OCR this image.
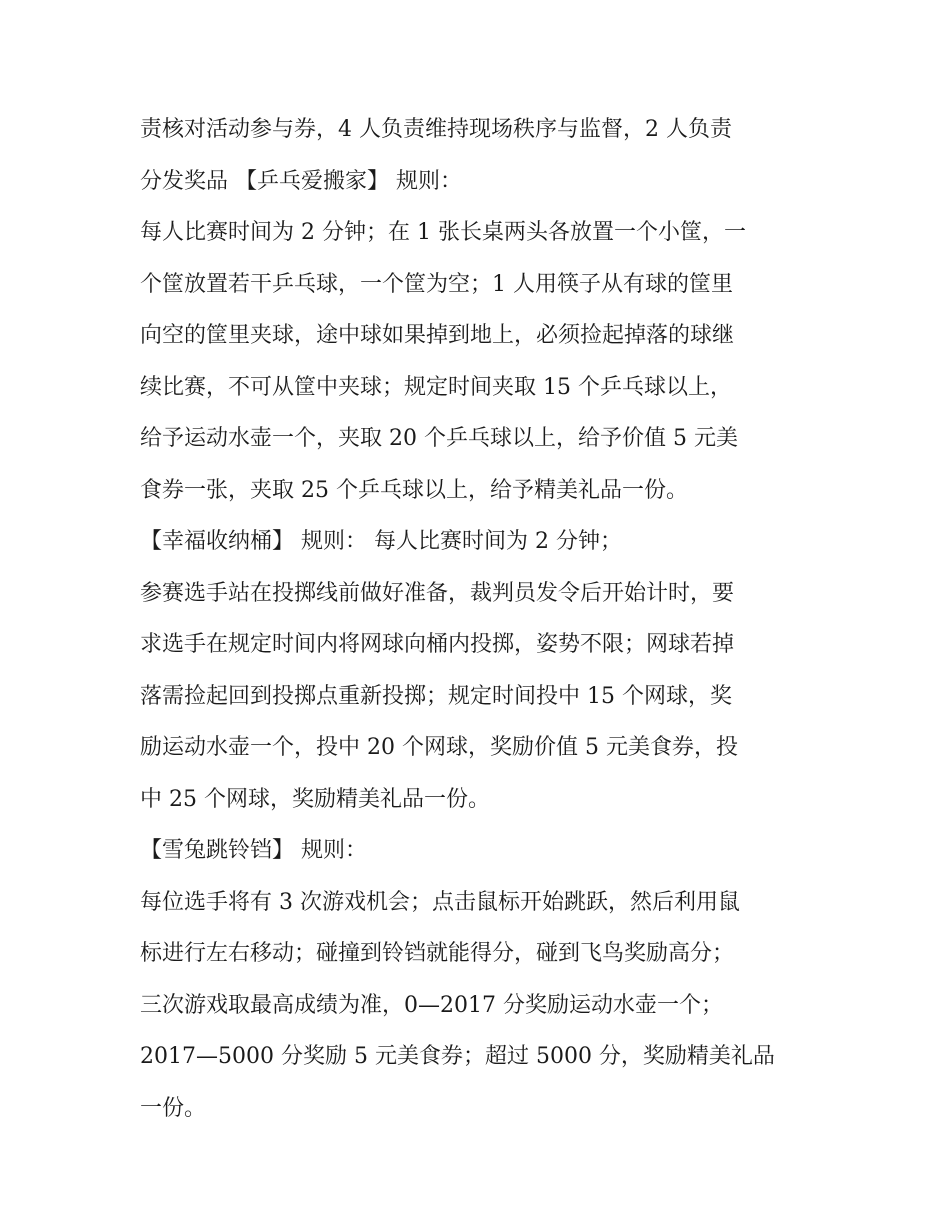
责核对活动参与券，4 人负责维持现场秩序与监督，2 人负责
分发奖品 【乒乓爱搬家】 规则：
每人比赛时间为 2 分钟；在 1 张长桌两头各放置一个小筐，一
个筐放置若干乒乓球，一个筐为空；1 人用筷子从有球的筐里
向空的筐里夹球，途中球如果掉到地上，必须捡起掉落的球继
续比赛，不可从筐中夹球；规定时间夹取 15 个乒乓球以上，
给予运动水壶一个，夹取 20 个乒乓球以上，给予价值 5 元美
食券一张，夹取 25 个乒乓球以上，给予精美礼品一份。
【幸福收纳桶】 规则： 每人比赛时间为 2 分钟；
参赛选手站在投掷线前做好准备，裁判员发令后开始计时，要
求选手在规定时间内将网球向桶内投掷，姿势不限；网球若掉
落需捡起回到投掷点重新投掷；规定时间投中 15 个网球，奖
励运动水壶一个，投中 20 个网球，奖励价值 5 元美食券，投
中 25 个网球，奖励精美礼品一份。
【雪兔跳铃铛】 规则：
每位选手将有 3 次游戏机会；点击鼠标开始跳跃，然后利用鼠
标进行左右移动；碰撞到铃铛就能得分，碰到飞鸟奖励高分；
三次游戏取最高成绩为准，0—2017 分奖励运动水壶一个；
2017—5000 分奖励 5 元美食券；超过 5000 分，奖励精美礼品
一份。
